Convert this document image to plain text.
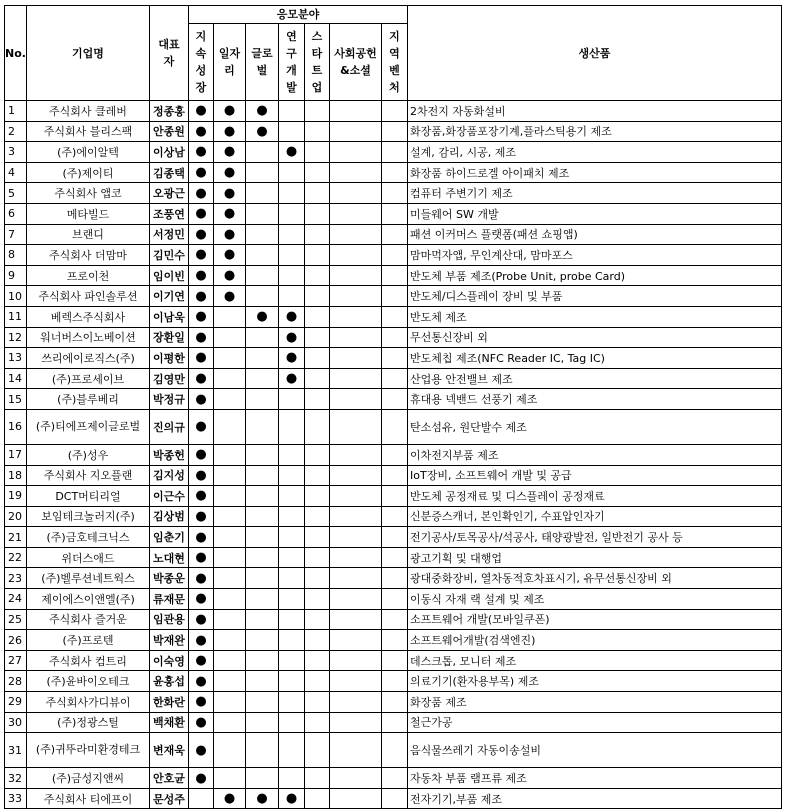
No.	기업명	대표자	응모분야							생산품
			지속성장	일자리	글로벌	연구개발	스타트업	사회공헌&소셜	지역벤처	
1	주식회사 클레버	정종홍	●	●	●					2차전지 자동화설비
2	주식회사 블리스팩	안종원	●	●	●					화장품,화장품포장기계,플라스틱용기 제조
3	(주)에이알텍	이상남	●	●		●				설계, 감리, 시공, 제조
4	(주)제이티	김종택	●	●						화장품 하이드로겔 아이패치 제조
5	주식회사 앱코	오광근	●	●						컴퓨터 주변기기 제조
6	메타빌드	조풍연	●	●						미들웨어 SW 개발
7	브랜디	서정민	●	●						패션 이커머스 플랫폼(패션 쇼핑앱)
8	주식회사 더맘마	김민수	●	●						맘마먹자앱, 무인계산대, 맘마포스
9	프로이천	임이빈	●	●						반도체 부품 제조(Probe Unit, probe Card)
10	주식회사 파인솔루션	이기연	●	●						반도체/디스플레이 장비 및 부품
11	베렉스주식회사	이남욱	●		●	●				반도체 제조
12	워너버스이노베이션	장환일	●			●				무선통신장비 외
13	쓰리에이로직스(주)	이평한	●			●				반도체칩 제조(NFC Reader IC, Tag IC)
14	(주)프로세이브	김영만	●			●				산업용 안전밸브 제조
15	(주)블루베리	박정규	●							휴대용 넥밴드 선풍기 제조
16	(주)티에프제이글로벌	진의규	●							탄소섬유, 원단발수 제조
17	(주)성우	박종헌	●							이차전지부품 제조
18	주식회사 지오플랜	김지성	●							IoT장비, 소프트웨어 개발 및 공급
19	DCT머티리얼	이근수	●							반도체 공정재료 및 디스플레이 공정재료
20	보임테크놀러지(주)	김상범	●							신분증스캐너, 본인확인기, 수표압인자기
21	(주)금호테크닉스	임춘기	●							전기공사/토목공사/석공사, 태양광발전, 일반전기 공사 등
22	위더스애드	노대현	●							광고기획 및 대행업
23	(주)벨루션네트웍스	박종운	●							광대중화장비, 열차동적호차표시기, 유무선통신장비 외
24	제이에스이앤엘(주)	류재문	●							이동식 자재 랙 설계 및 제조
25	주식회사 즐거운	임관용	●							소프트웨어 개발(모바일쿠폰)
26	(주)프로텐	박재완	●							소프트웨어개발(검색엔진)
27	주식회사 컴트리	이숙영	●							데스크톱, 모니터 제조
28	(주)윤바이오테크	윤홍섭	●							의료기기(환자용부목) 제조
29	주식회사가디뷰이	한화란	●							화장품 제조
30	(주)정광스틸	백채환	●							철근가공
31	(주)귀뚜라미환경테크	변재욱	●							음식물쓰레기 자동이송설비
32	(주)금성지앤씨	안호균	●							자동차 부품 램프류 제조
33	주식회사 티에프이	문성주		●	●	●				전자기기,부품 제조
